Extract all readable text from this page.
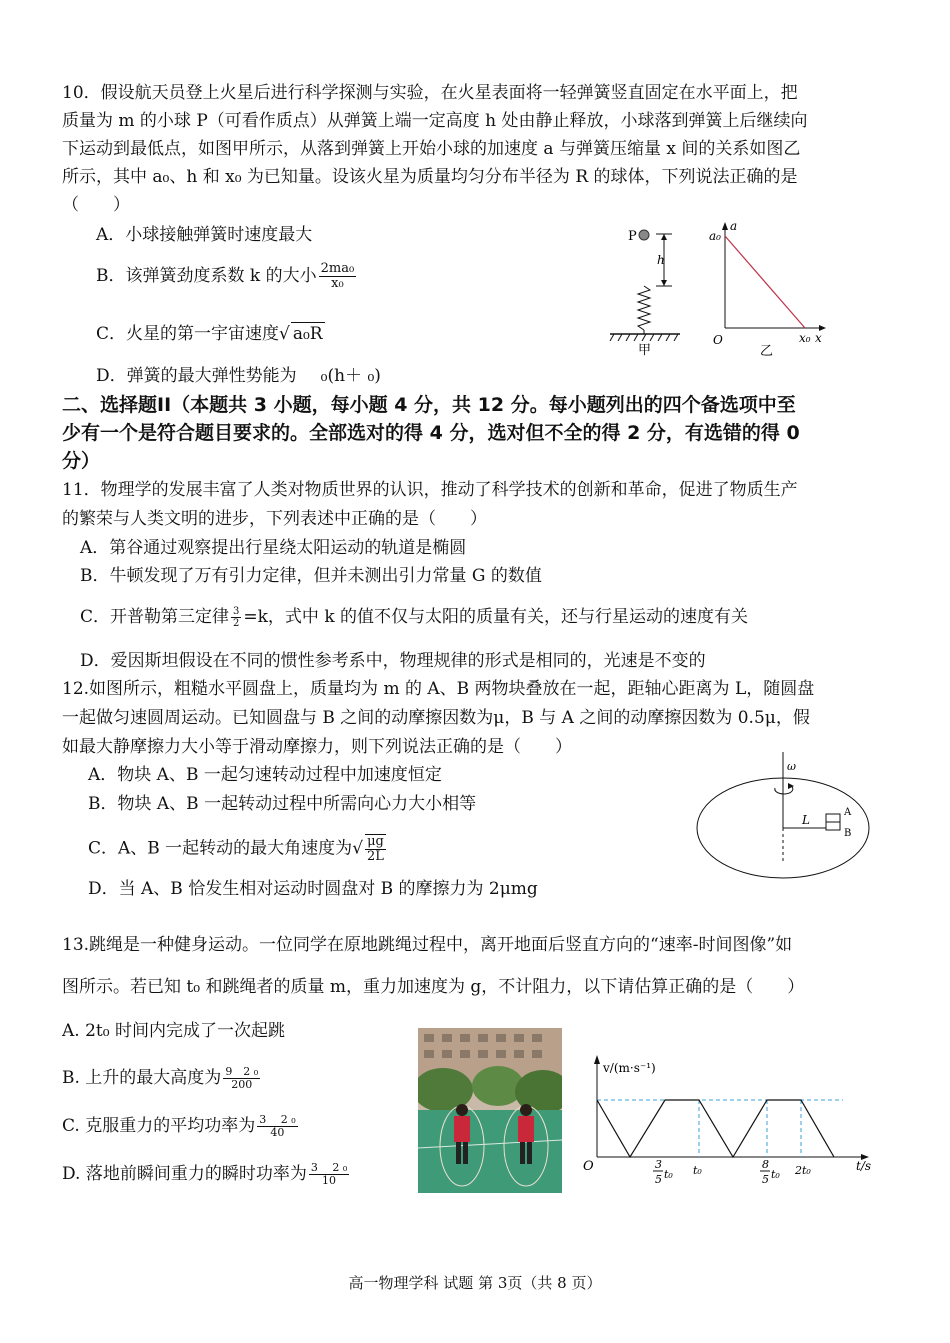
10．假设航天员登上火星后进行科学探测与实验，在火星表面将一轻弹簧竖直固定在水平面上，把
质量为 m 的小球 P（可看作质点）从弹簧上端一定高度 h 处由静止释放，小球落到弹簧上后继续向
下运动到最低点，如图甲所示，从落到弹簧上开始小球的加速度 a 与弹簧压缩量 x 间的关系如图乙
所示，其中 a₀、h 和 x₀ 为已知量。设该火星为质量均匀分布半径为 R 的球体，下列说法正确的是
（　　）
A．小球接触弹簧时速度最大
B．该弹簧劲度系数 k 的大小 $\frac{\text{2ma₀}}{\text{x₀}}$
C．火星的第一宇宙速度√ a₀R
D．弹簧的最大弹性势能为 ₀(h＋ ₀)
P
h
甲
a₀
a
O	x₀ x
乙
二、选择题II（本题共 3 小题，每小题 4 分，共 12 分。每小题列出的四个备选项中至
少有一个是符合题目要求的。全部选对的得 4 分，选对但不全的得 2 分，有选错的得 0
分）
11．物理学的发展丰富了人类对物质世界的认识，推动了科学技术的创新和革命，促进了物质生产
的繁荣与人类文明的进步，下列表述中正确的是（　　）
A．第谷通过观察提出行星绕太阳运动的轨道是椭圆
B．牛顿发现了万有引力定律，但并未测出引力常量 G 的数值
C．开普勒第三定律 $\frac{3}{2} =k$，式中 k 的值不仅与太阳的质量有关，还与行星运动的速度有关
D．爱因斯坦假设在不同的惯性参考系中，物理规律的形式是相同的，光速是不变的
12.如图所示，粗糙水平圆盘上，质量均为 m 的 A、B 两物块叠放在一起，距轴心距离为 L，随圆盘
一起做匀速圆周运动。已知圆盘与 B 之间的动摩擦因数为μ，B 与 A 之间的动摩擦因数为 0.5μ，假
如最大静摩擦力大小等于滑动摩擦力，则下列说法正确的是（　　）
A．物块 A、B 一起匀速转动过程中加速度恒定
B．物块 A、B 一起转动过程中所需向心力大小相等
C．A、B 一起转动的最大角速度为√ $\frac{\mu g}{2L}$
D．当 A、B 恰发生相对运动时圆盘对 B 的摩擦力为 2μmg
ω
L
A
B
13.跳绳是一种健身运动。一位同学在原地跳绳过程中，离开地面后竖直方向的“速率-时间图像”如
图所示。若已知 t₀ 和跳绳者的质量 m，重力加速度为 g，不计阻力，以下请估算正确的是（　　）
A. 2t₀ 时间内完成了一次起跳
B. 上升的最大高度为 $\frac{\text{9　2 ₀}}{200}$
C. 克服重力的平均功率为 $\frac{\text{3　 2 ₀}}{40}$
D. 落地前瞬间重力的瞬时功率为 $\frac{\text{3　 2 ₀}}{10}$
v/(m·s⁻¹)
t/s
O	3
5 t₀ t₀	8
5 t₀ 2t₀
高一物理学科 试题 第 3页（共 8 页）
